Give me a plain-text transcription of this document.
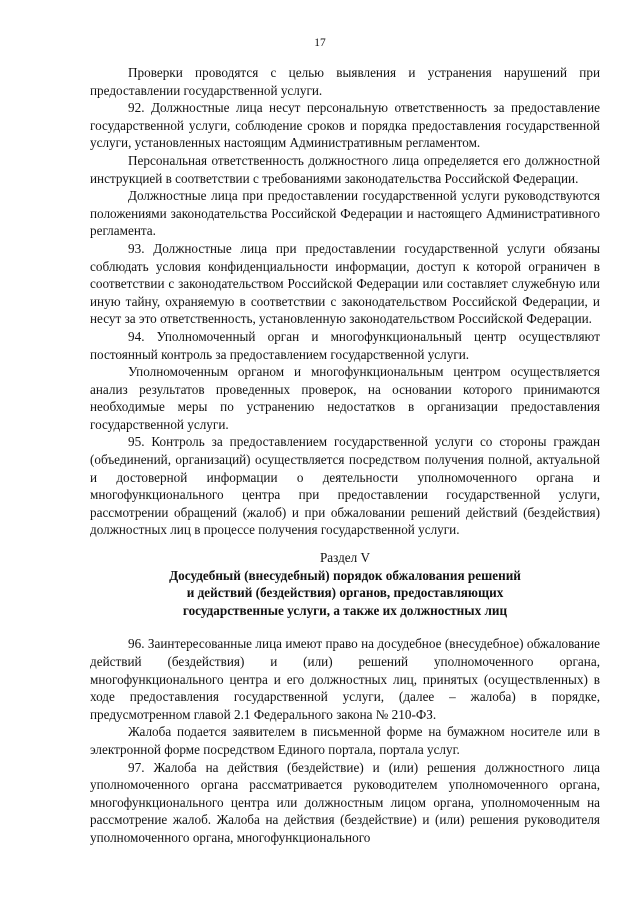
17

Проверки проводятся с целью выявления и устранения нарушений при предоставлении государственной услуги.

92. Должностные лица несут персональную ответственность за предоставление государственной услуги, соблюдение сроков и порядка предоставления государственной услуги, установленных настоящим Административным регламентом.

Персональная ответственность должностного лица определяется его должностной инструкцией в соответствии с требованиями законодательства Российской Федерации.

Должностные лица при предоставлении государственной услуги руководствуются положениями законодательства Российской Федерации и настоящего Административного регламента.

93. Должностные лица при предоставлении государственной услуги обязаны соблюдать условия конфиденциальности информации, доступ к которой ограничен в соответствии с законодательством Российской Федерации или составляет служебную или иную тайну, охраняемую в соответствии с законодательством Российской Федерации, и несут за это ответственность, установленную законодательством Российской Федерации.

94. Уполномоченный орган и многофункциональный центр осуществляют постоянный контроль за предоставлением государственной услуги.

Уполномоченным органом и многофункциональным центром осуществляется анализ результатов проведенных проверок, на основании которого принимаются необходимые меры по устранению недостатков в организации предоставления государственной услуги.

95. Контроль за предоставлением государственной услуги со стороны граждан (объединений, организаций) осуществляется посредством получения полной, актуальной и достоверной информации о деятельности уполномоченного органа и многофункционального центра при предоставлении государственной услуги, рассмотрении обращений (жалоб) и при обжаловании решений действий (бездействия) должностных лиц в процессе получения государственной услуги.

Раздел V

Досудебный (внесудебный) порядок обжалования решений
и действий (бездействия) органов, предоставляющих
государственные услуги, а также их должностных лиц

96. Заинтересованные лица имеют право на досудебное (внесудебное) обжалование действий (бездействия) и (или) решений уполномоченного органа, многофункционального центра и его должностных лиц, принятых (осуществленных) в ходе предоставления государственной услуги, (далее – жалоба) в порядке, предусмотренном главой 2.1 Федерального закона № 210-ФЗ.

Жалоба подается заявителем в письменной форме на бумажном носителе или в электронной форме посредством Единого портала, портала услуг.

97. Жалоба на действия (бездействие) и (или) решения должностного лица уполномоченного органа рассматривается руководителем уполномоченного органа, многофункционального центра или должностным лицом органа, уполномоченным на рассмотрение жалоб. Жалоба на действия (бездействие) и (или) решения руководителя уполномоченного органа, многофункционального
